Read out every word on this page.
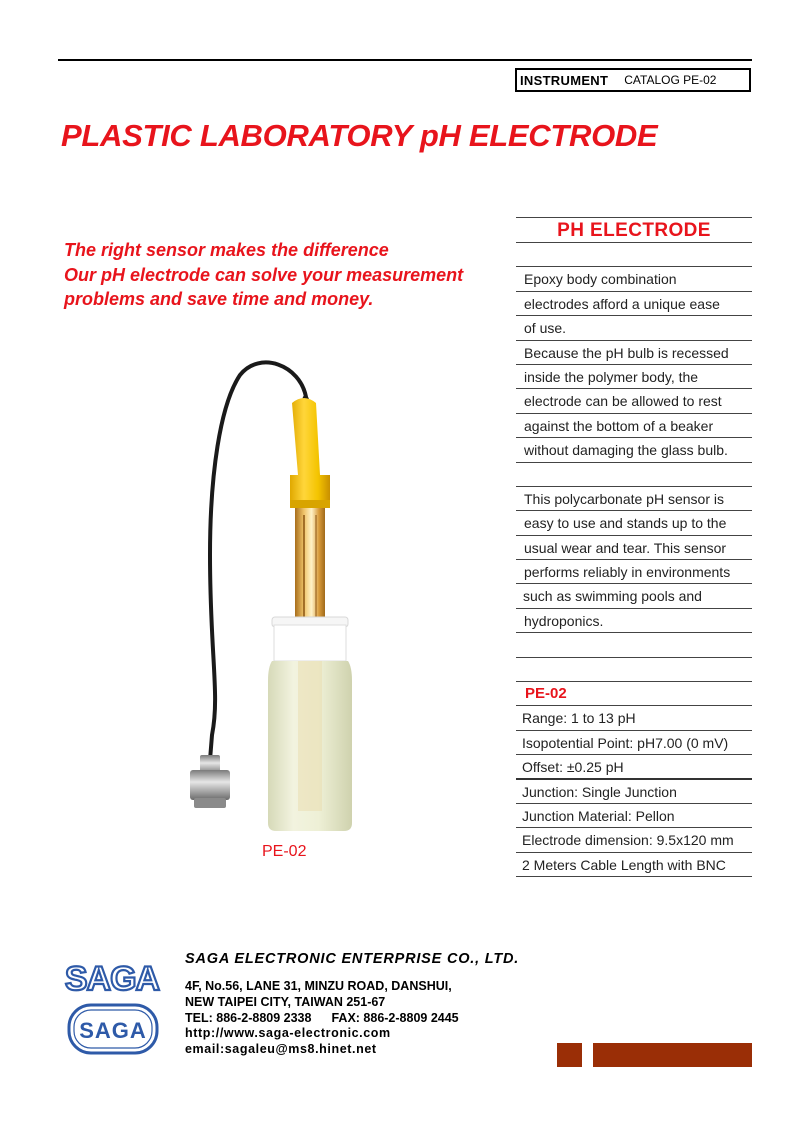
INSTRUMENT CATALOG PE-02
PLASTIC LABORATORY pH ELECTRODE
The right sensor makes the difference
Our pH electrode can solve your measurement
problems and save time and money.
PE-02
PH ELECTRODE
Epoxy body combination
electrodes afford a unique ease
of use.
Because the pH bulb is recessed
inside the polymer body, the
electrode can be allowed to rest
against the bottom of a beaker
without damaging the glass bulb.
This polycarbonate pH sensor is
easy to use and stands up to the
usual wear and tear. This sensor
performs reliably in environments
such as swimming pools and
hydroponics.
PE-02
Range: 1 to 13 pH
Isopotential Point: pH7.00 (0 mV)
Offset: ±0.25 pH
Junction: Single Junction
Junction Material: Pellon
Electrode dimension: 9.5x120 mm
2 Meters Cable Length with BNC
SAGA
SAGA
SAGA ELECTRONIC ENTERPRISE CO., LTD.
4F, No.56, LANE 31, MINZU ROAD, DANSHUI,
NEW TAIPEI CITY, TAIWAN 251-67
TEL: 886-2-8809 2338 FAX: 886-2-8809 2445
http://www.saga-electronic.com
email:sagaleu@ms8.hinet.net
